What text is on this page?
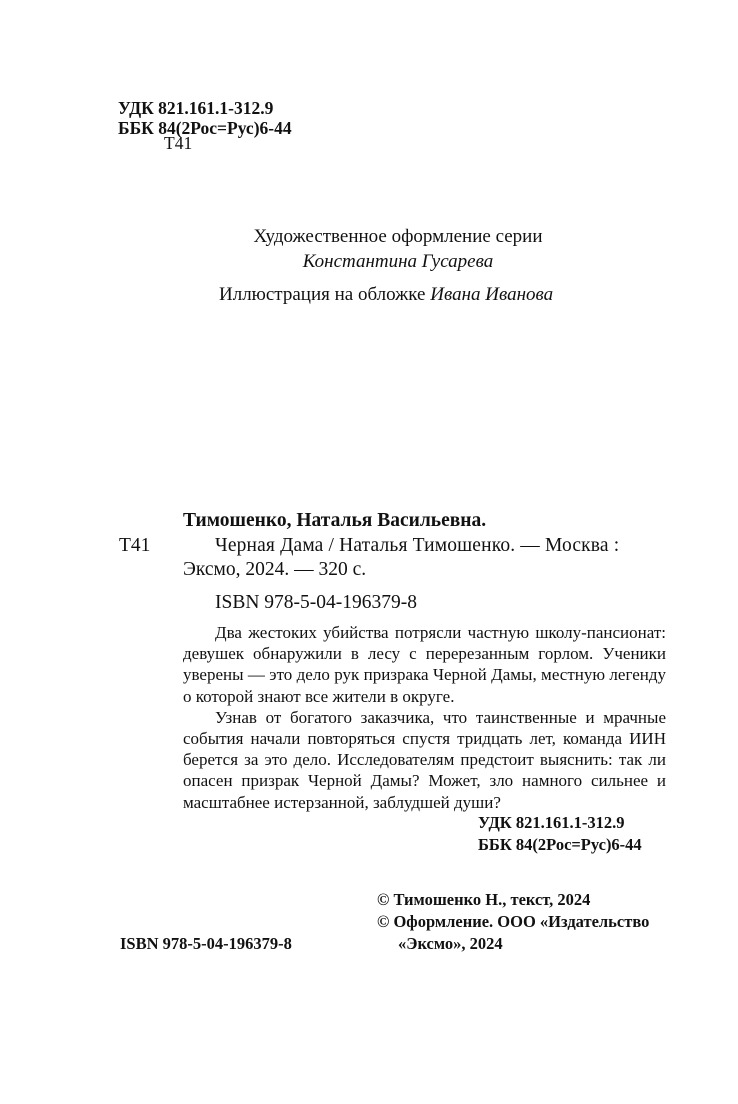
УДК 821.161.1-312.9
ББК 84(2Рос=Рус)6-44
Т41
Художественное оформление серии
Константина Гусарева
Иллюстрация на обложке Ивана Иванова
Тимошенко, Наталья Васильевна.
Т41	Черная Дама / Наталья Тимошенко. — Москва :
Эксмо, 2024. — 320 с.
ISBN 978-5-04-196379-8

Два жестоких убийства потрясли частную школу-пансионат: девушек обнаружили в лесу с перерезанным горлом. Ученики уверены — это дело рук призрака Черной Дамы, местную легенду о которой знают все жители в округе.

Узнав от богатого заказчика, что таинственные и мрачные события начали повторяться спустя тридцать лет, команда ИИН берется за это дело. Исследователям предстоит выяснить: так ли опасен призрак Черной Дамы? Может, зло намного сильнее и масштабнее истерзанной, заблудшей души?

УДК 821.161.1-312.9
ББК 84(2Рос=Рус)6-44
© Тимошенко Н., текст, 2024
© Оформление. ООО «Издательство
«Эксмо», 2024
ISBN 978-5-04-196379-8
